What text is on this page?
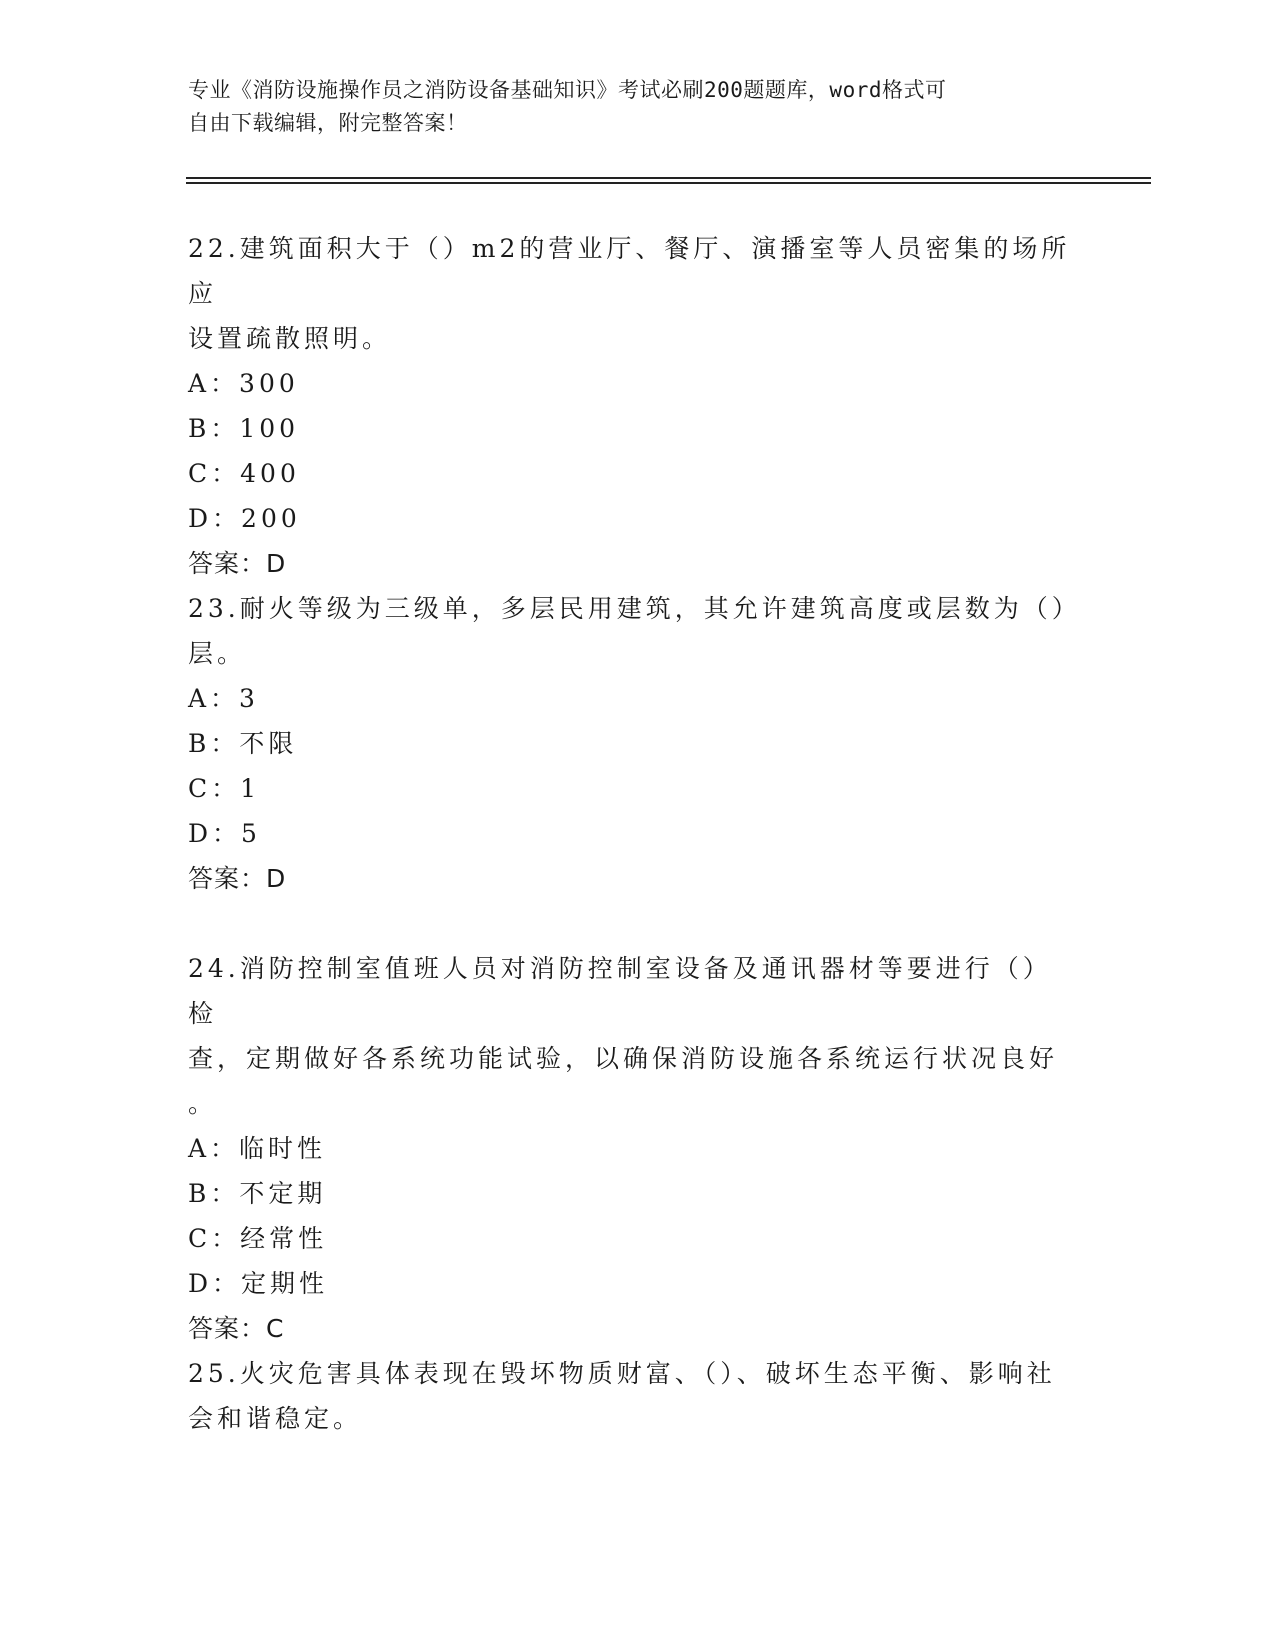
专业《消防设施操作员之消防设备基础知识》考试必刷200题题库，word格式可
自由下载编辑，附完整答案！
22.建筑面积大于（）m2的营业厅、餐厅、演播室等人员密集的场所应
设置疏散照明。
A：300
B：100
C：400
D：200
答案：D
23.耐火等级为三级单，多层民用建筑，其允许建筑高度或层数为（）
层。
A：3
B：不限
C：1
D：5
答案：D
24.消防控制室值班人员对消防控制室设备及通讯器材等要进行（）检
查，定期做好各系统功能试验，以确保消防设施各系统运行状况良好
。
A：临时性
B：不定期
C：经常性
D：定期性
答案：C
25.火灾危害具体表现在毁坏物质财富、（）、破坏生态平衡、影响社
会和谐稳定。
